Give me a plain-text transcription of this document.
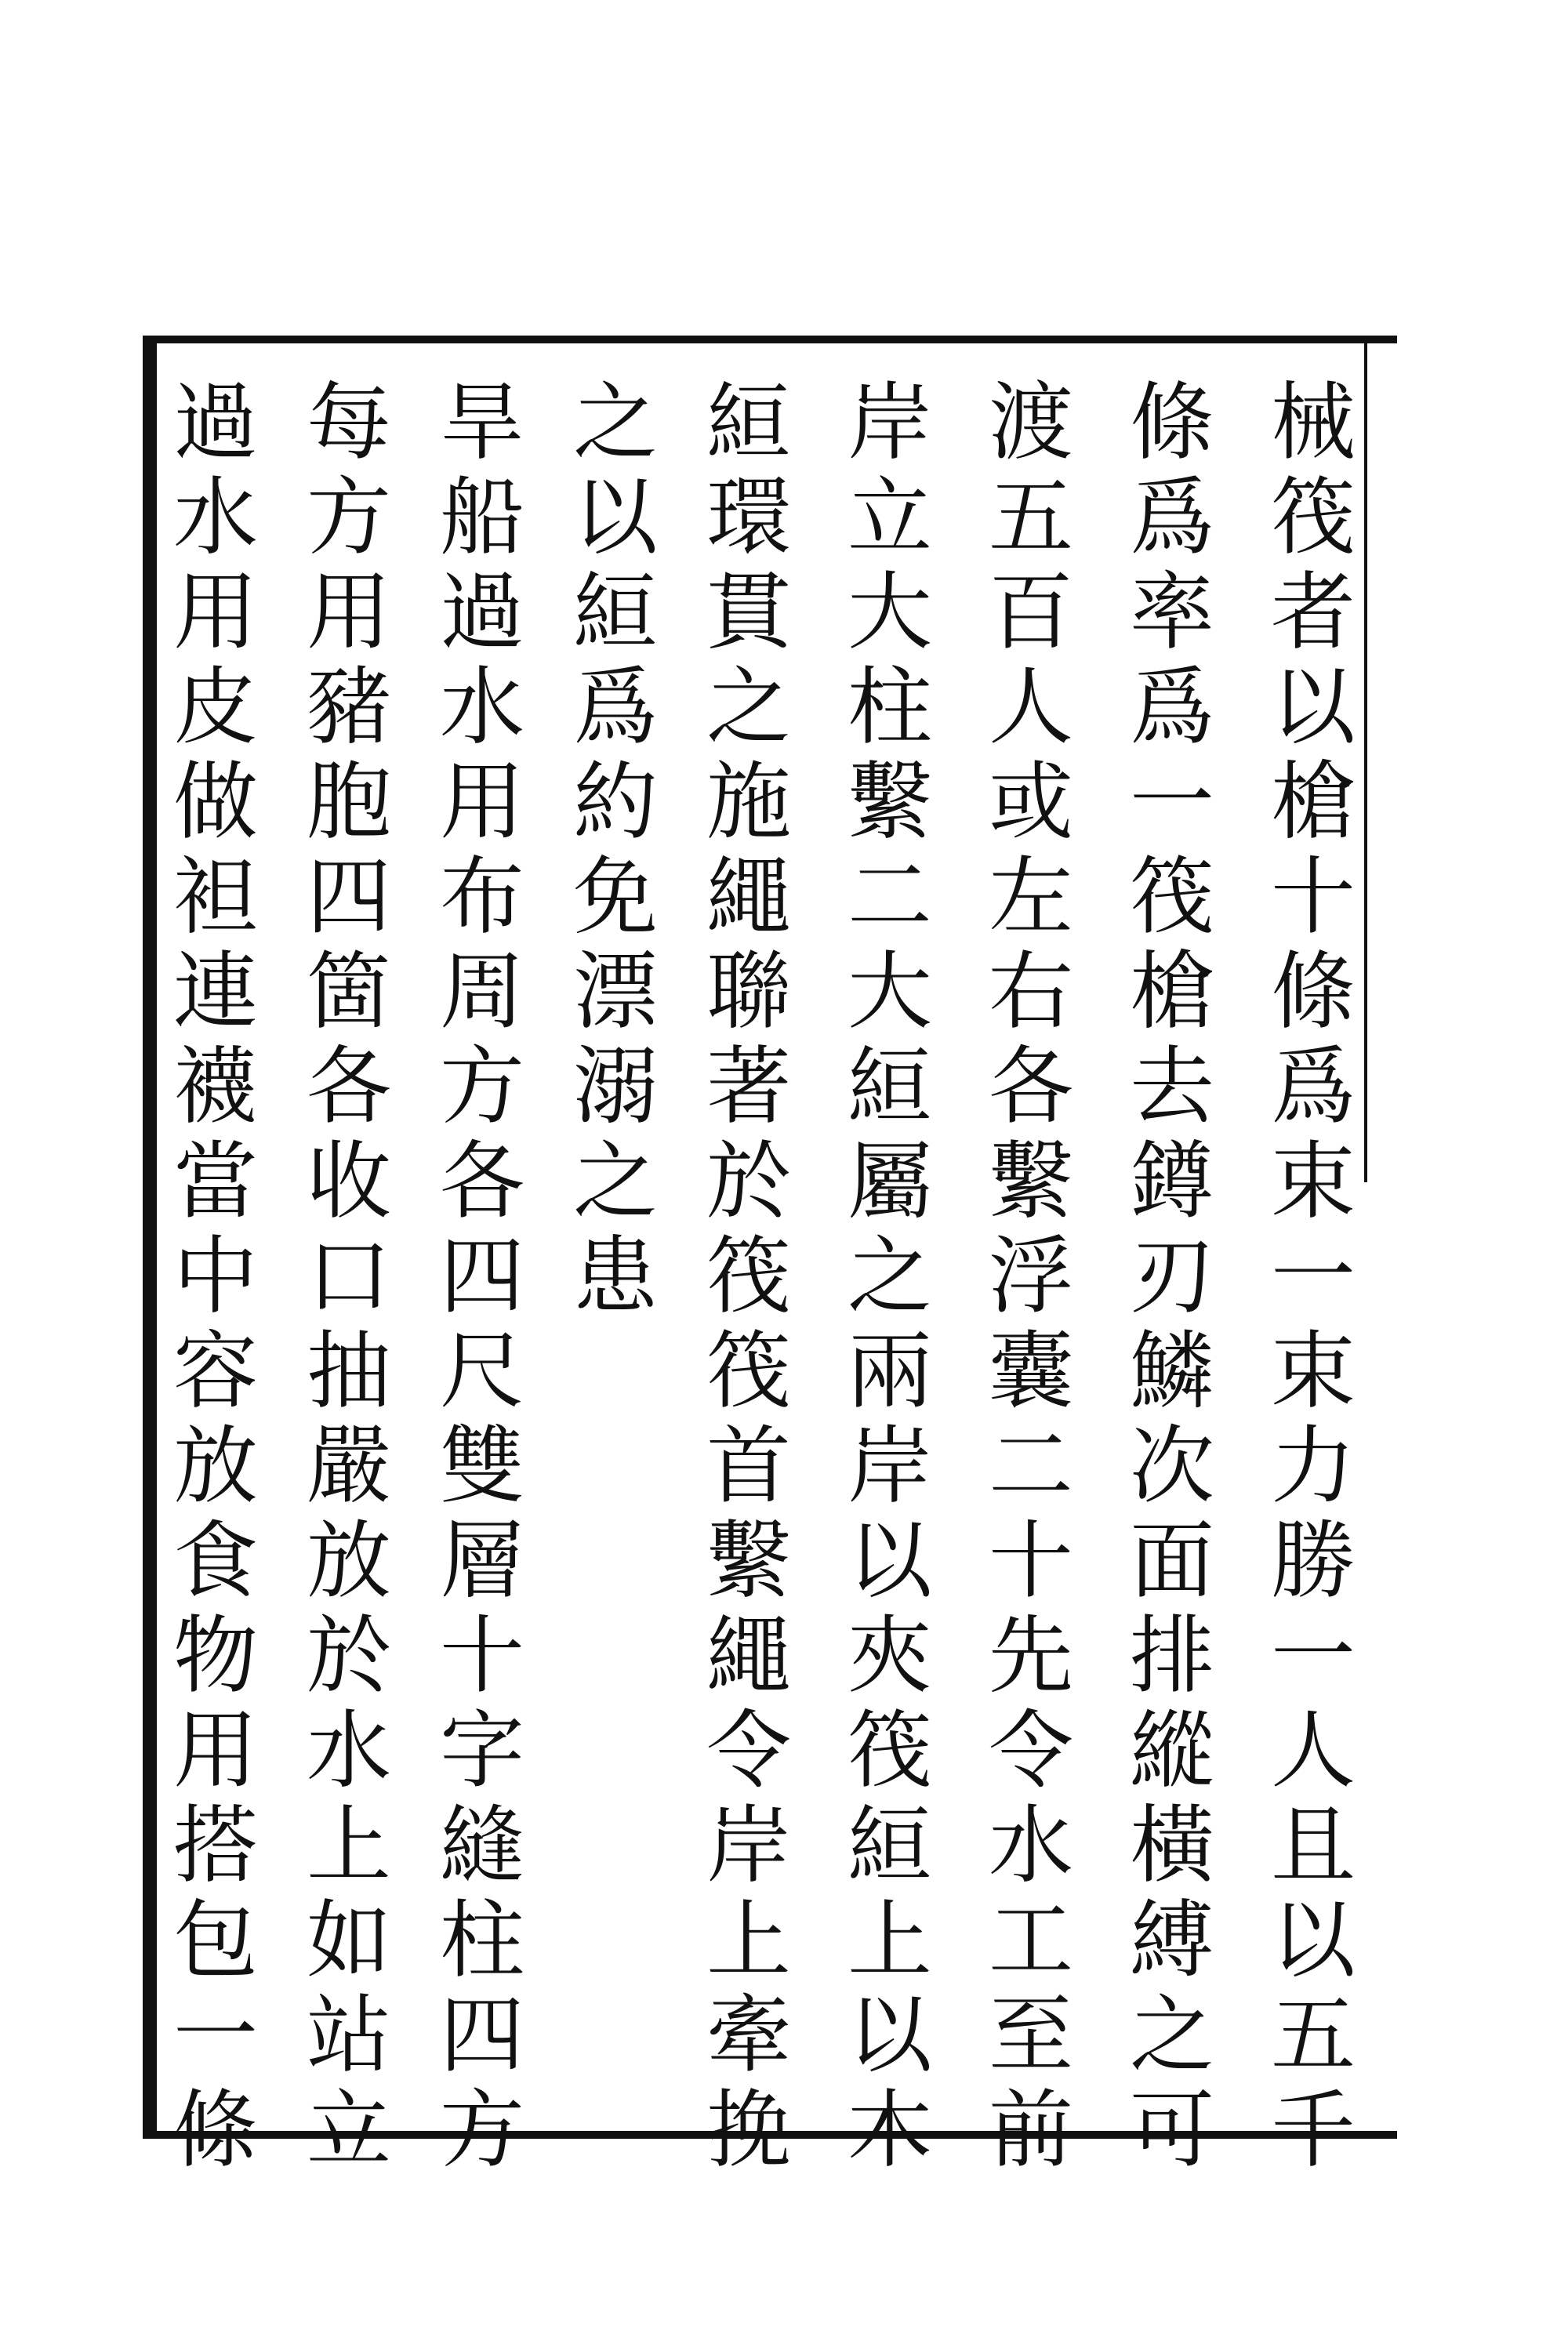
械
筏
者
以
槍
十
條
爲
束
一
束
力
勝
一
人
且
以
五
千
條
爲
率
爲
一
筏
槍
去
鐏
刃
鱗
次
面
排
縱
橫
縛
之
可
渡
五
百
人
或
左
右
各
繫
浮
囊
二
十
先
令
水
工
至
前
岸
立
大
柱
繫
二
大
絙
屬
之
兩
岸
以
夾
筏
絙
上
以
木
絙
環
貫
之
施
繩
聯
著
於
筏
筏
首
繫
繩
令
岸
上
牽
挽
之
以
絙
爲
約
免
漂
溺
之
患
旱
船
過
水
用
布
周
方
各
四
尺
雙
層
十
字
縫
柱
四
方
每
方
用
豬
胞
四
箇
各
收
口
抽
嚴
放
於
水
上
如
站
立
過
水
用
皮
做
袒
連
襪
當
中
容
放
食
物
用
搭
包
一
條
